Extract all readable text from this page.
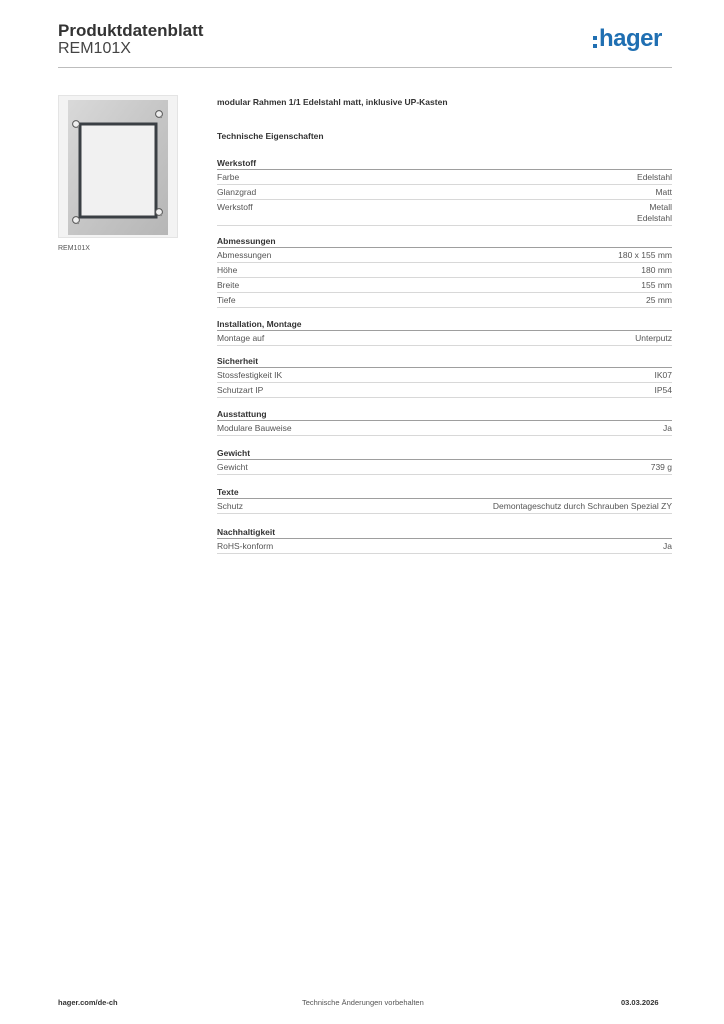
Produktdatenblatt
REM101X	hager
REM101X
modular Rahmen 1/1 Edelstahl matt, inklusive UP-Kasten
Technische Eigenschaften
Werkstoff
Farbe	Edelstahl
Glanzgrad	Matt
Werkstoff	Metall
Edelstahl
Abmessungen
Abmessungen	180 x 155 mm
Höhe	180 mm
Breite	155 mm
Tiefe	25 mm
Installation, Montage
Montage auf	Unterputz
Sicherheit
Stossfestigkeit IK	IK07
Schutzart IP	IP54
Ausstattung
Modulare Bauweise	Ja
Gewicht
Gewicht	739 g
Texte
Schutz	Demontageschutz durch Schrauben Spezial ZY
Nachhaltigkeit
RoHS-konform	Ja
hager.com/de-ch	Technische Änderungen vorbehalten	03.03.2026
